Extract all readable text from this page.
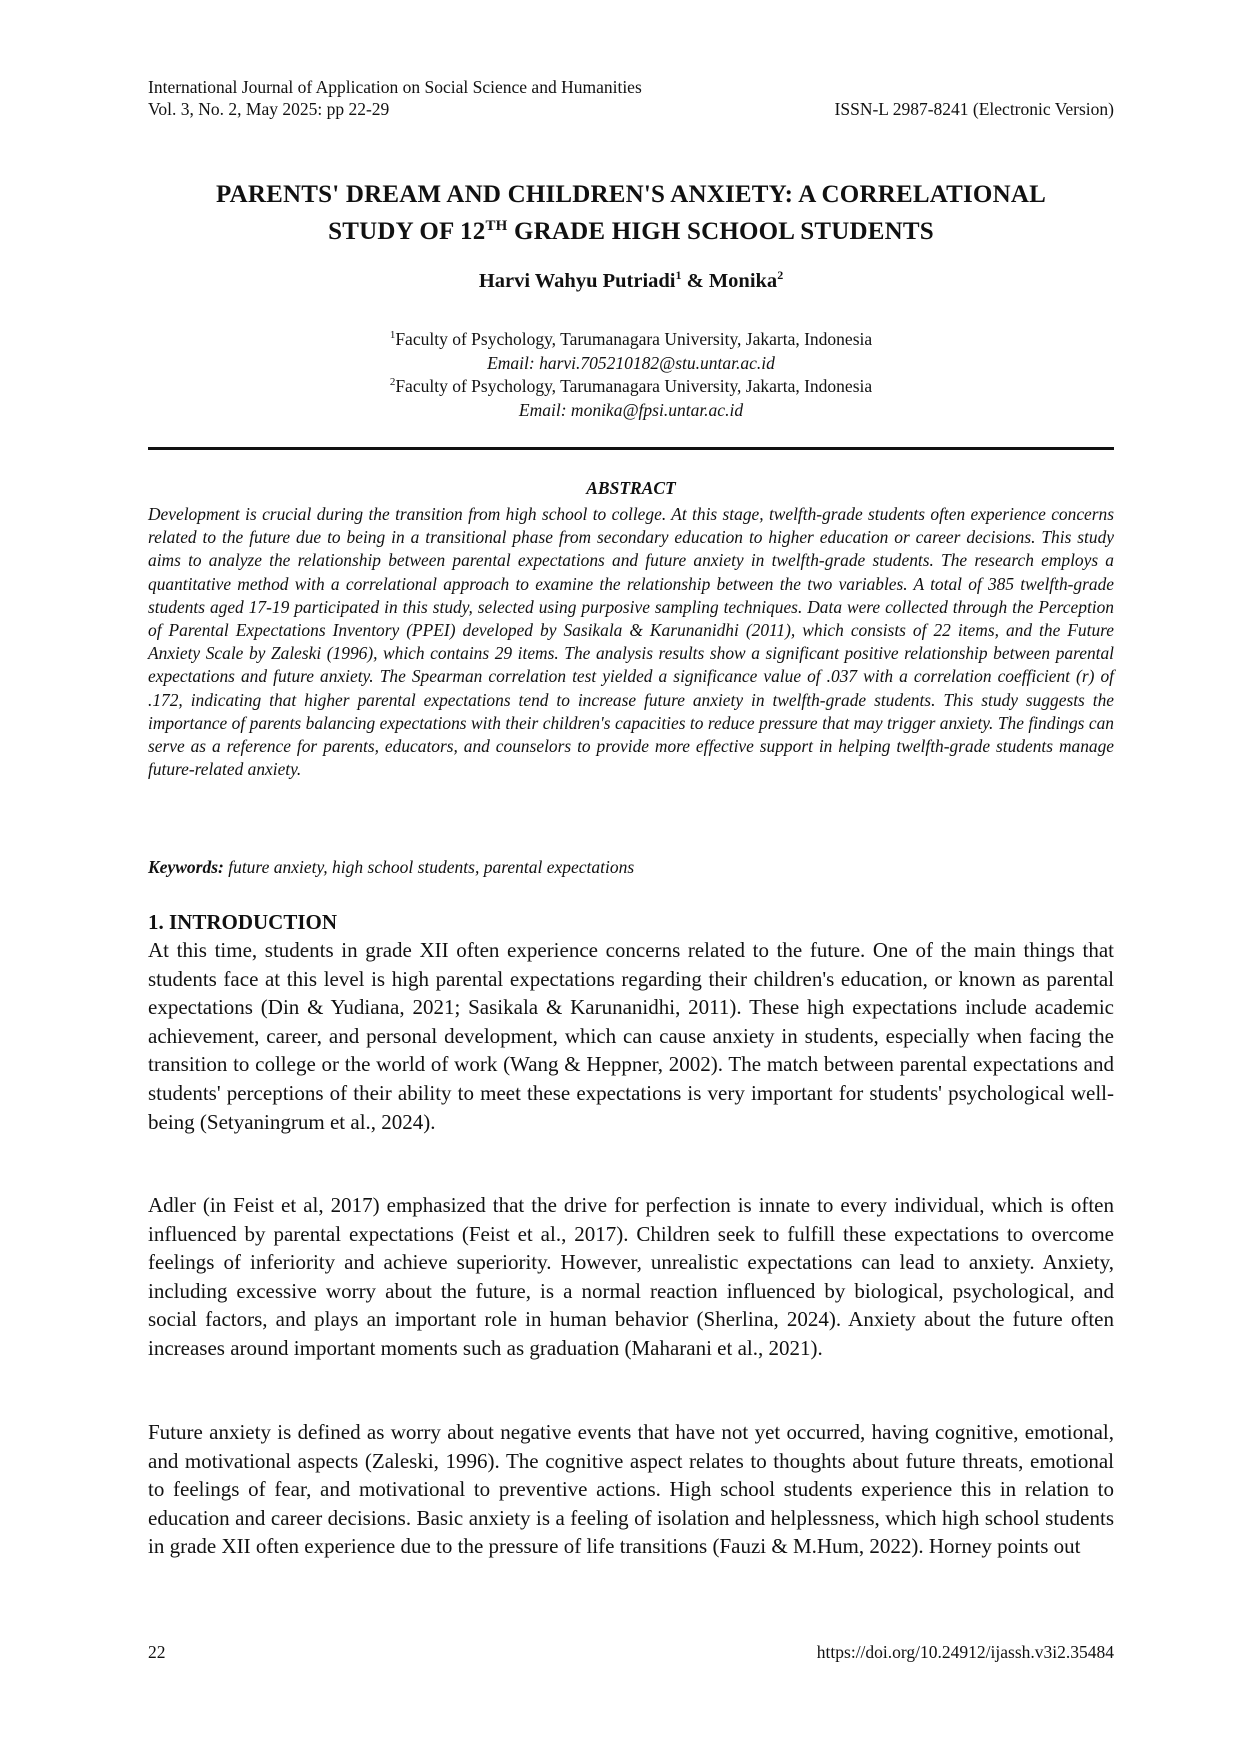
International Journal of Application on Social Science and Humanities
Vol. 3, No. 2, May 2025: pp 22-29	ISSN-L 2987-8241 (Electronic Version)
PARENTS' DREAM AND CHILDREN'S ANXIETY: A CORRELATIONAL
STUDY OF 12TH GRADE HIGH SCHOOL STUDENTS
Harvi Wahyu Putriadi$^1$ & Monika$^2$
$^1$Faculty of Psychology, Tarumanagara University, Jakarta, Indonesia
Email: harvi.705210182@stu.untar.ac.id
$^2$Faculty of Psychology, Tarumanagara University, Jakarta, Indonesia
Email: monika@fpsi.untar.ac.id
ABSTRACT
Development is crucial during the transition from high school to college. At this stage, twelfth-grade students often experience concerns related to the future due to being in a transitional phase from secondary education to higher education or career decisions. This study aims to analyze the relationship between parental expectations and future anxiety in twelfth-grade students. The research employs a quantitative method with a correlational approach to examine the relationship between the two variables. A total of 385 twelfth-grade students aged 17-19 participated in this study, selected using purposive sampling techniques. Data were collected through the Perception of Parental Expectations Inventory (PPEI) developed by Sasikala & Karunanidhi (2011), which consists of 22 items, and the Future Anxiety Scale by Zaleski (1996), which contains 29 items. The analysis results show a significant positive relationship between parental expectations and future anxiety. The Spearman correlation test yielded a significance value of .037 with a correlation coefficient (r) of .172, indicating that higher parental expectations tend to increase future anxiety in twelfth-grade students. This study suggests the importance of parents balancing expectations with their children's capacities to reduce pressure that may trigger anxiety. The findings can serve as a reference for parents, educators, and counselors to provide more effective support in helping twelfth-grade students manage future-related anxiety.
Keywords: future anxiety, high school students, parental expectations
1. INTRODUCTION
At this time, students in grade XII often experience concerns related to the future. One of the main things that students face at this level is high parental expectations regarding their children's education, or known as parental expectations (Din & Yudiana, 2021; Sasikala & Karunanidhi, 2011). These high expectations include academic achievement, career, and personal development, which can cause anxiety in students, especially when facing the transition to college or the world of work (Wang & Heppner, 2002). The match between parental expectations and students' perceptions of their ability to meet these expectations is very important for students' psychological well-being (Setyaningrum et al., 2024).
Adler (in Feist et al, 2017) emphasized that the drive for perfection is innate to every individual, which is often influenced by parental expectations (Feist et al., 2017). Children seek to fulfill these expectations to overcome feelings of inferiority and achieve superiority. However, unrealistic expectations can lead to anxiety. Anxiety, including excessive worry about the future, is a normal reaction influenced by biological, psychological, and social factors, and plays an important role in human behavior (Sherlina, 2024). Anxiety about the future often increases around important moments such as graduation (Maharani et al., 2021).
Future anxiety is defined as worry about negative events that have not yet occurred, having cognitive, emotional, and motivational aspects (Zaleski, 1996). The cognitive aspect relates to thoughts about future threats, emotional to feelings of fear, and motivational to preventive actions. High school students experience this in relation to education and career decisions. Basic anxiety is a feeling of isolation and helplessness, which high school students in grade XII often experience due to the pressure of life transitions (Fauzi & M.Hum, 2022). Horney points out
22	https://doi.org/10.24912/ijassh.v3i2.35484
